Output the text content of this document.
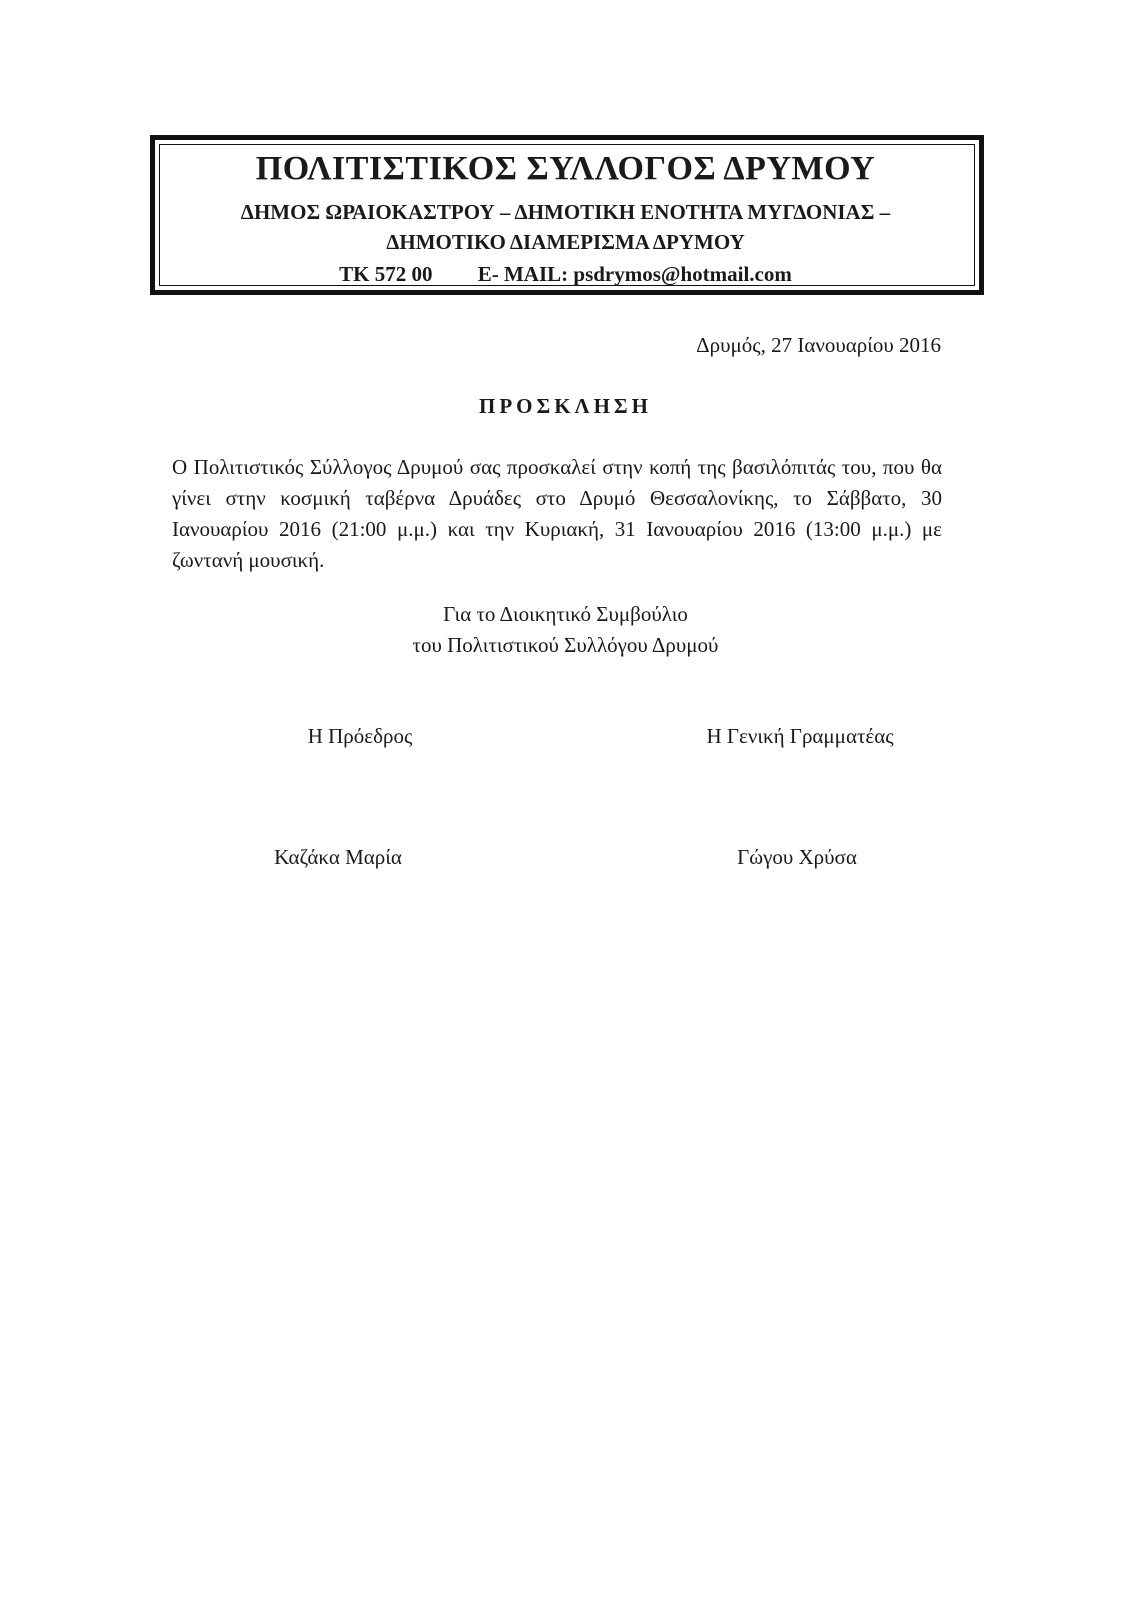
ΠΟΛΙΤΙΣΤΙΚΟΣ ΣΥΛΛΟΓΟΣ ΔΡΥΜΟΥ
ΔΗΜΟΣ ΩΡΑΙΟΚΑΣΤΡΟΥ – ΔΗΜΟΤΙΚΗ ΕΝΟΤΗΤΑ ΜΥΓΔΟΝΙΑΣ –
ΔΗΜΟΤΙΚΟ ΔΙΑΜΕΡΙΣΜΑ ΔΡΥΜΟΥ
ΤΚ 572 00 E- MAIL: psdrymos@hotmail.com
Δρυμός, 27 Ιανουαρίου 2016
ΠΡΟΣΚΛΗΣΗ
Ο Πολιτιστικός Σύλλογος Δρυμού σας προσκαλεί στην κοπή της βασιλόπιτάς του, που θα γίνει στην κοσμική ταβέρνα Δρυάδες στο Δρυμό Θεσσαλονίκης, το Σάββατο, 30 Ιανουαρίου 2016 (21:00 μ.μ.) και την Κυριακή, 31 Ιανουαρίου 2016 (13:00 μ.μ.) με ζωντανή μουσική.
Για το Διοικητικό Συμβούλιο
του Πολιτιστικού Συλλόγου Δρυμού
Η Πρόεδρος	Η Γενική Γραμματέας
Καζάκα Μαρία	Γώγου Χρύσα
